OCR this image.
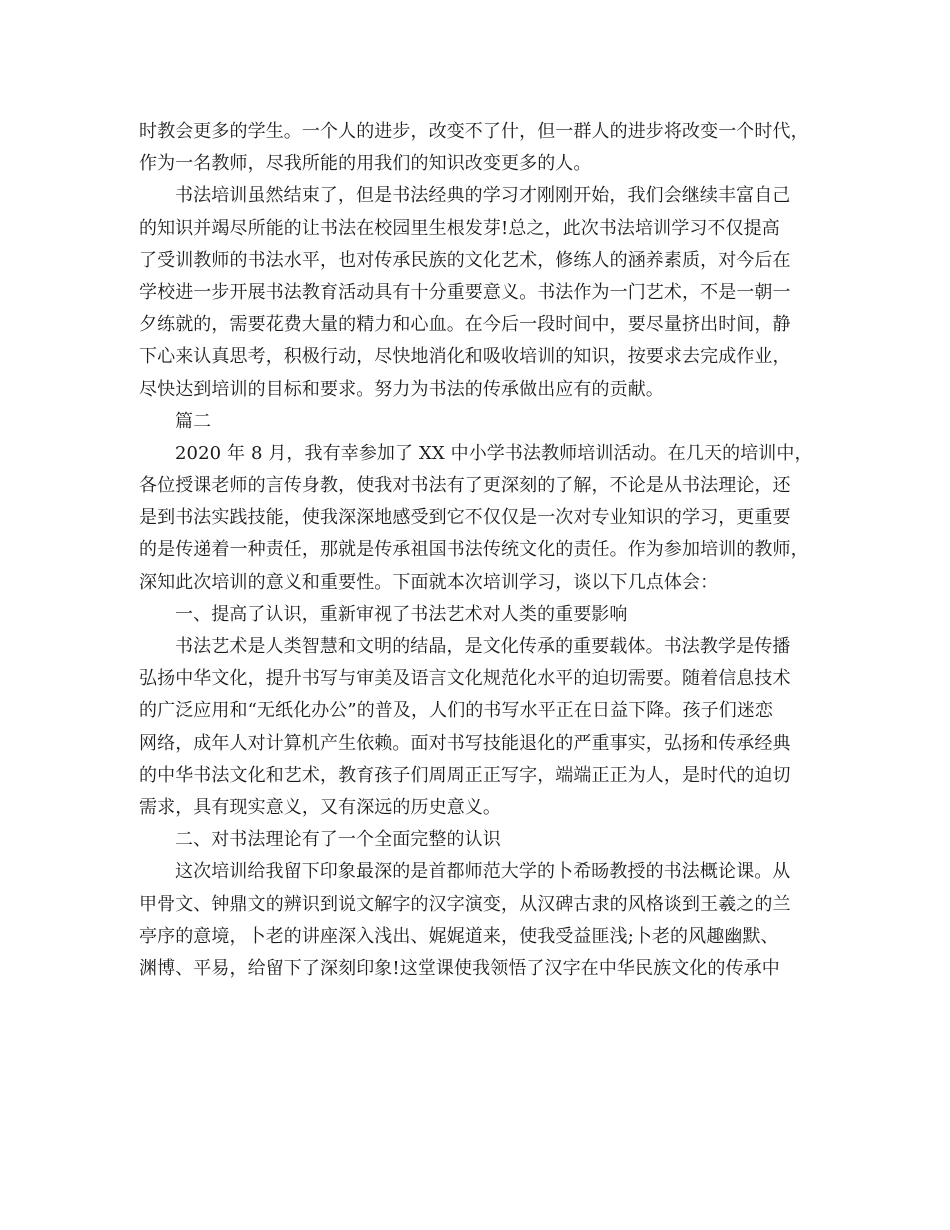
时教会更多的学生。一个人的进步，改变不了什，但一群人的进步将改变一个时代，
作为一名教师，尽我所能的用我们的知识改变更多的人。
书法培训虽然结束了，但是书法经典的学习才刚刚开始，我们会继续丰富自己
的知识并竭尽所能的让书法在校园里生根发芽!总之，此次书法培训学习不仅提高
了受训教师的书法水平，也对传承民族的文化艺术，修练人的涵养素质，对今后在
学校进一步开展书法教育活动具有十分重要意义。书法作为一门艺术，不是一朝一
夕练就的，需要花费大量的精力和心血。在今后一段时间中，要尽量挤出时间，静
下心来认真思考，积极行动，尽快地消化和吸收培训的知识，按要求去完成作业，
尽快达到培训的目标和要求。努力为书法的传承做出应有的贡献。
篇二
2020 年 8 月，我有幸参加了 XX 中小学书法教师培训活动。在几天的培训中，
各位授课老师的言传身教，使我对书法有了更深刻的了解，不论是从书法理论，还
是到书法实践技能，使我深深地感受到它不仅仅是一次对专业知识的学习，更重要
的是传递着一种责任，那就是传承祖国书法传统文化的责任。作为参加培训的教师，
深知此次培训的意义和重要性。下面就本次培训学习，谈以下几点体会：
一、提高了认识，重新审视了书法艺术对人类的重要影响
书法艺术是人类智慧和文明的结晶，是文化传承的重要载体。书法教学是传播
弘扬中华文化，提升书写与审美及语言文化规范化水平的迫切需要。随着信息技术
的广泛应用和“无纸化办公”的普及，人们的书写水平正在日益下降。孩子们迷恋
网络，成年人对计算机产生依赖。面对书写技能退化的严重事实，弘扬和传承经典
的中华书法文化和艺术，教育孩子们周周正正写字，端端正正为人，是时代的迫切
需求，具有现实意义，又有深远的历史意义。
二、对书法理论有了一个全面完整的认识
这次培训给我留下印象最深的是首都师范大学的卜希旸教授的书法概论课。从
甲骨文、钟鼎文的辨识到说文解字的汉字演变，从汉碑古隶的风格谈到王羲之的兰
亭序的意境，卜老的讲座深入浅出、娓娓道来，使我受益匪浅;卜老的风趣幽默、
渊博、平易，给留下了深刻印象!这堂课使我领悟了汉字在中华民族文化的传承中
